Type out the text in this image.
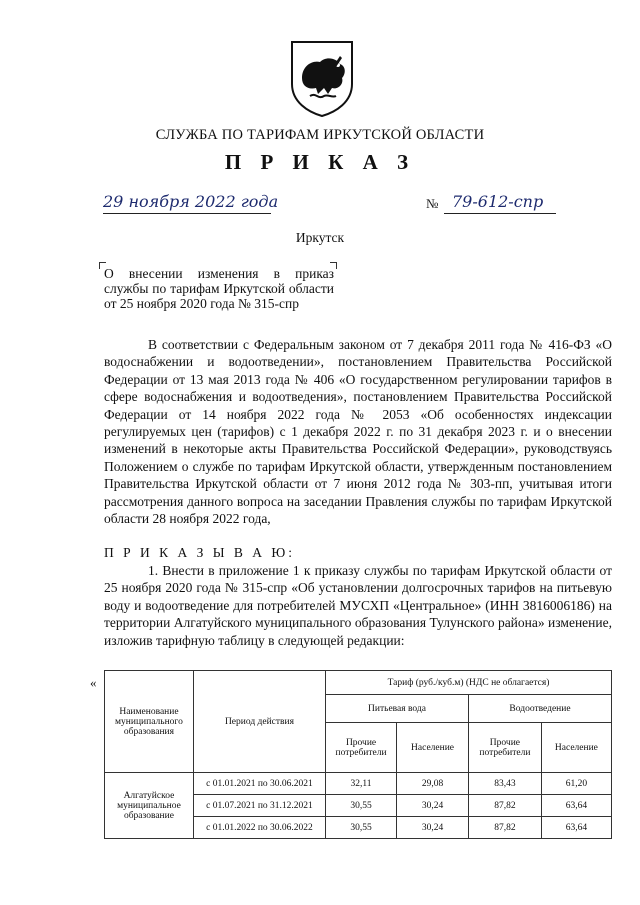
СЛУЖБА ПО ТАРИФАМ ИРКУТСКОЙ ОБЛАСТИ
П Р И К А З
29 ноября 2022 года	№ 79-612-спр
Иркутск
О внесении изменения в приказ службы по тарифам Иркутской области от 25 ноября 2020 года № 315-спр
В соответствии с Федеральным законом от 7 декабря 2011 года № 416-ФЗ «О водоснабжении и водоотведении», постановлением Правительства Российской Федерации от 13 мая 2013 года № 406 «О государственном регулировании тарифов в сфере водоснабжения и водоотведения», постановлением Правительства Российской Федерации от 14 ноября 2022 года № 2053 «Об особенностях индексации регулируемых цен (тарифов) с 1 декабря 2022 г. по 31 декабря 2023 г. и о внесении изменений в некоторые акты Правительства Российской Федерации», руководствуясь Положением о службе по тарифам Иркутской области, утвержденным постановлением Правительства Иркутской области от 7 июня 2012 года № 303-пп, учитывая итоги рассмотрения данного вопроса на заседании Правления службы по тарифам Иркутской области 28 ноября 2022 года,
П Р И К А З Ы В А Ю:
1. Внести в приложение 1 к приказу службы по тарифам Иркутской области от 25 ноября 2020 года № 315-спр «Об установлении долгосрочных тарифов на питьевую воду и водоотведение для потребителей МУСХП «Центральное» (ИНН 3816006186) на территории Алгатуйского муниципального образования Тулунского района» изменение, изложив тарифную таблицу в следующей редакции:
«
Наименование муниципального образования	Период действия	Тариф (руб./куб.м) (НДС не облагается)			
		Питьевая вода		Водоотведение	
		Прочие потребители	Население	Прочие потребители	Население
Алгатуйское муниципальное образование	с 01.01.2021 по 30.06.2021	32,11	29,08	83,43	61,20
	с 01.07.2021 по 31.12.2021	30,55	30,24	87,82	63,64
	с 01.01.2022 по 30.06.2022	30,55	30,24	87,82	63,64
